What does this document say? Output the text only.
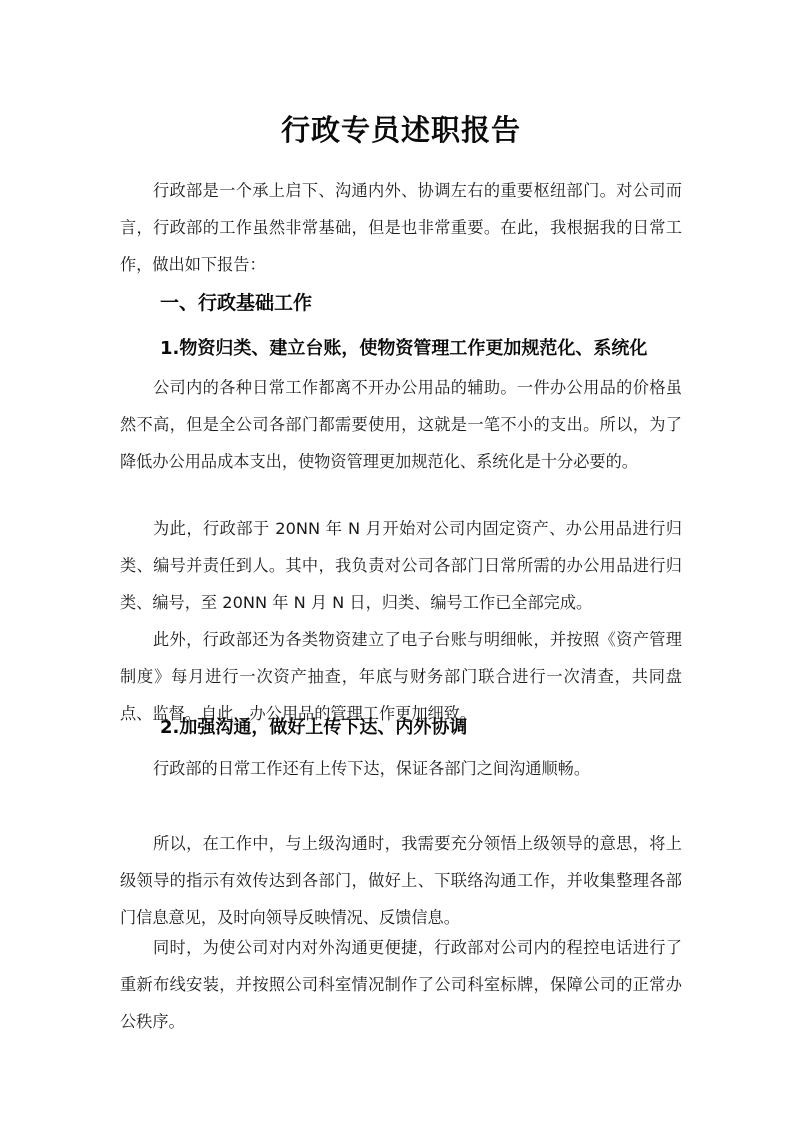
行政专员述职报告
行政部是一个承上启下、沟通内外、协调左右的重要枢纽部门。对公司而言，行政部的工作虽然非常基础，但是也非常重要。在此，我根据我的日常工作，做出如下报告：
一、行政基础工作
1.物资归类、建立台账，使物资管理工作更加规范化、系统化
公司内的各种日常工作都离不开办公用品的辅助。一件办公用品的价格虽然不高，但是全公司各部门都需要使用，这就是一笔不小的支出。所以，为了降低办公用品成本支出，使物资管理更加规范化、系统化是十分必要的。
为此，行政部于 20NN 年 N 月开始对公司内固定资产、办公用品进行归类、编号并责任到人。其中，我负责对公司各部门日常所需的办公用品进行归类、编号，至 20NN 年 N 月 N 日，归类、编号工作已全部完成。
此外，行政部还为各类物资建立了电子台账与明细帐，并按照《资产管理制度》每月进行一次资产抽查，年底与财务部门联合进行一次清查，共同盘点、监督。自此，办公用品的管理工作更加细致。
2.加强沟通，做好上传下达、内外协调
行政部的日常工作还有上传下达，保证各部门之间沟通顺畅。
所以，在工作中，与上级沟通时，我需要充分领悟上级领导的意思，将上级领导的指示有效传达到各部门，做好上、下联络沟通工作，并收集整理各部门信息意见，及时向领导反映情况、反馈信息。
同时，为使公司对内对外沟通更便捷，行政部对公司内的程控电话进行了重新布线安装，并按照公司科室情况制作了公司科室标牌，保障公司的正常办公秩序。
